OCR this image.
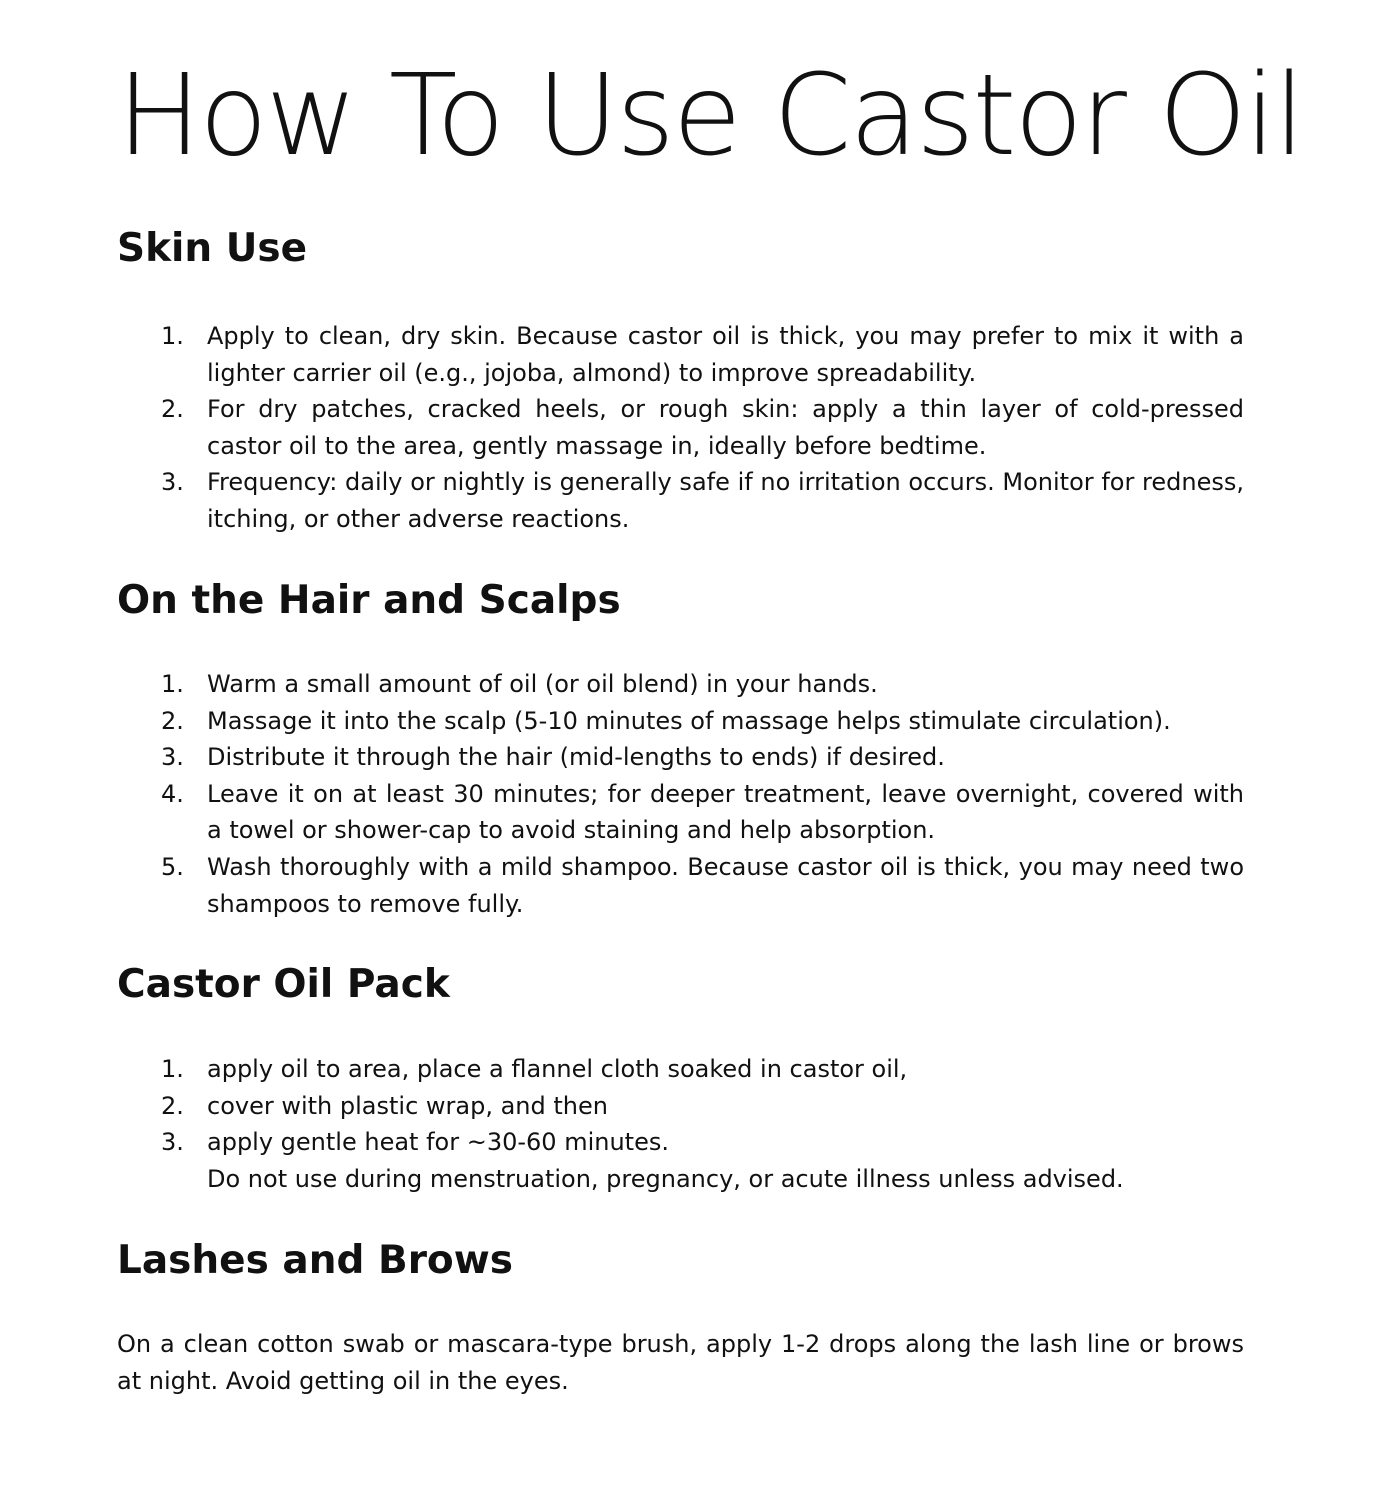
How To Use Castor Oil
Skin Use
1. Apply to clean, dry skin. Because castor oil is thick, you may prefer to mix it with a lighter carrier oil (e.g., jojoba, almond) to improve spreadability.
2. For dry patches, cracked heels, or rough skin: apply a thin layer of cold-pressed castor oil to the area, gently massage in, ideally before bedtime.
3. Frequency: daily or nightly is generally safe if no irritation occurs. Monitor for redness, itching, or other adverse reactions.
On the Hair and Scalps
1. Warm a small amount of oil (or oil blend) in your hands.
2. Massage it into the scalp (5-10 minutes of massage helps stimulate circulation).
3. Distribute it through the hair (mid-lengths to ends) if desired.
4. Leave it on at least 30 minutes; for deeper treatment, leave overnight, covered with a towel or shower-cap to avoid staining and help absorption.
5. Wash thoroughly with a mild shampoo. Because castor oil is thick, you may need two shampoos to remove fully.
Castor Oil Pack
1. apply oil to area, place a flannel cloth soaked in castor oil,
2. cover with plastic wrap, and then
3. apply gentle heat for ~30-60 minutes.
Do not use during menstruation, pregnancy, or acute illness unless advised.
Lashes and Brows

On a clean cotton swab or mascara-type brush, apply 1-2 drops along the lash line or brows at night. Avoid getting oil in the eyes.
